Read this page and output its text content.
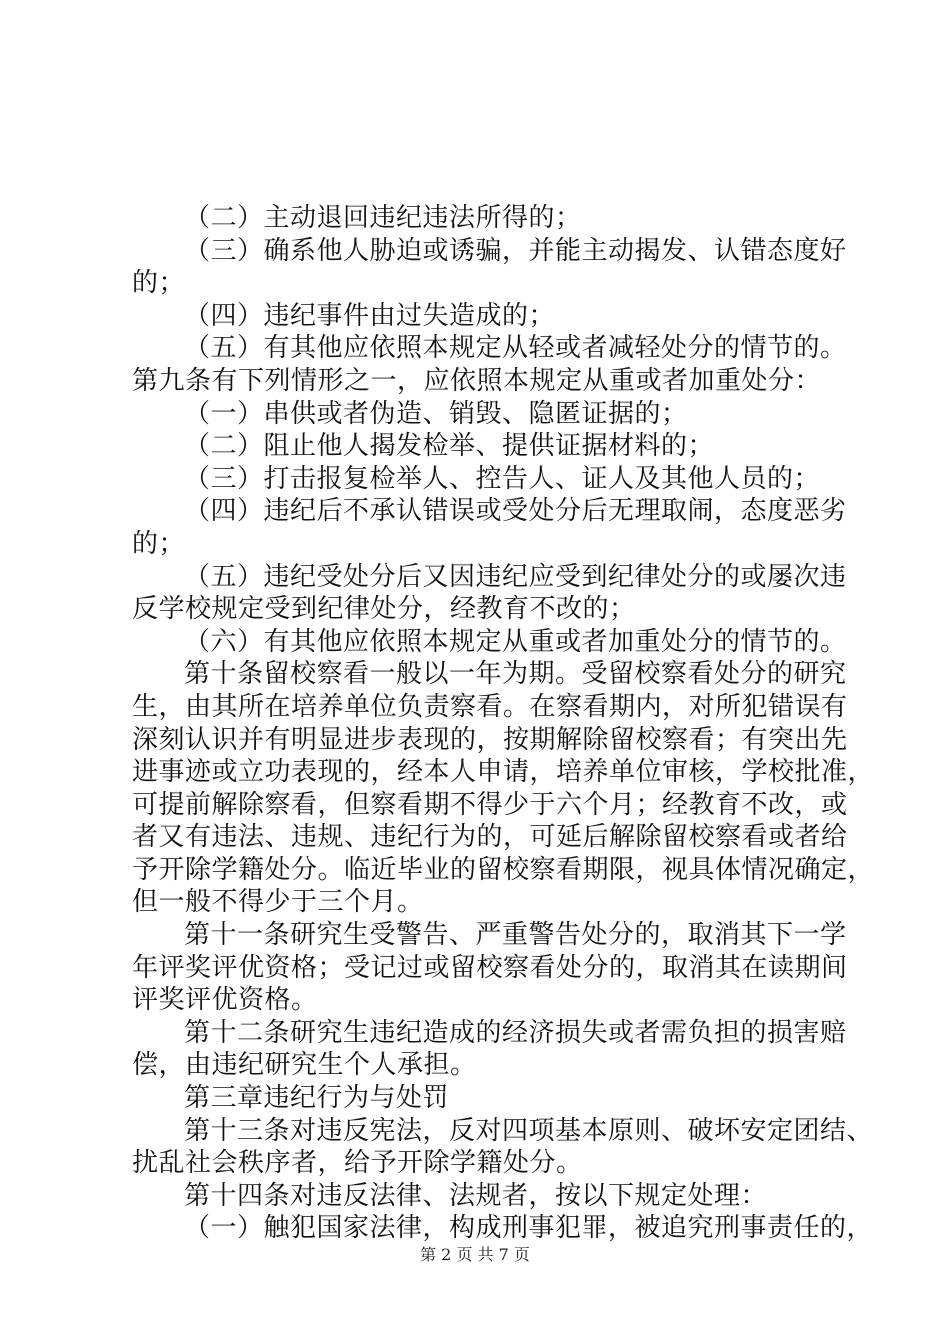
（二）主动退回违纪违法所得的；
（三）确系他人胁迫或诱骗，并能主动揭发、认错态度好
的；
（四）违纪事件由过失造成的；
（五）有其他应依照本规定从轻或者减轻处分的情节的。
第九条有下列情形之一，应依照本规定从重或者加重处分：
（一）串供或者伪造、销毁、隐匿证据的；
（二）阻止他人揭发检举、提供证据材料的；
（三）打击报复检举人、控告人、证人及其他人员的；
（四）违纪后不承认错误或受处分后无理取闹，态度恶劣
的；
（五）违纪受处分后又因违纪应受到纪律处分的或屡次违
反学校规定受到纪律处分，经教育不改的；
（六）有其他应依照本规定从重或者加重处分的情节的。
第十条留校察看一般以一年为期。受留校察看处分的研究
生，由其所在培养单位负责察看。在察看期内，对所犯错误有
深刻认识并有明显进步表现的，按期解除留校察看；有突出先
进事迹或立功表现的，经本人申请，培养单位审核，学校批准，
可提前解除察看，但察看期不得少于六个月；经教育不改，或
者又有违法、违规、违纪行为的，可延后解除留校察看或者给
予开除学籍处分。临近毕业的留校察看期限，视具体情况确定，
但一般不得少于三个月。
第十一条研究生受警告、严重警告处分的，取消其下一学
年评奖评优资格；受记过或留校察看处分的，取消其在读期间
评奖评优资格。
第十二条研究生违纪造成的经济损失或者需负担的损害赔
偿，由违纪研究生个人承担。
第三章违纪行为与处罚
第十三条对违反宪法，反对四项基本原则、破坏安定团结、
扰乱社会秩序者，给予开除学籍处分。
第十四条对违反法律、法规者，按以下规定处理：
（一）触犯国家法律，构成刑事犯罪，被追究刑事责任的，
第 2 页 共 7 页
